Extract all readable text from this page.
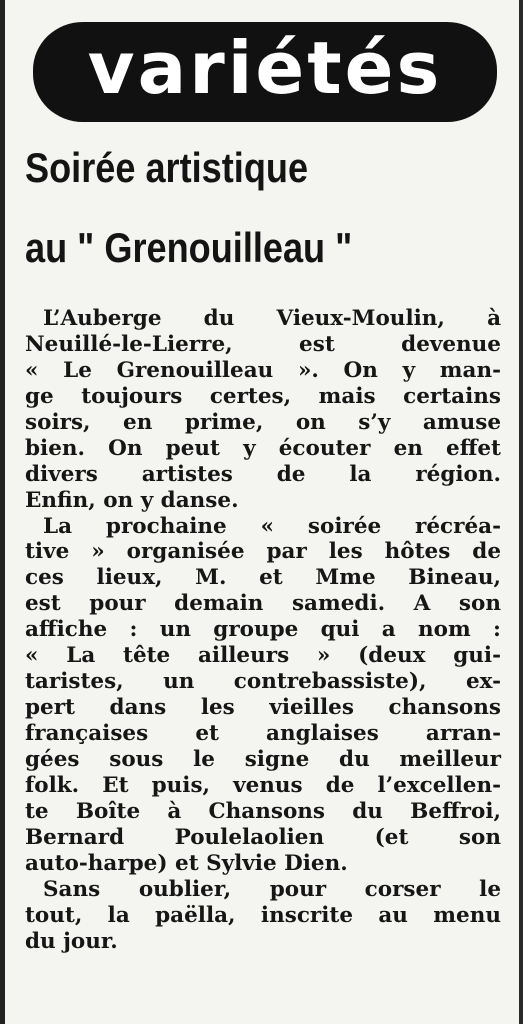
variétés
Soirée artistique
au " Grenouilleau "
L’Auberge du Vieux-Moulin, à
Neuillé-le-Lierre, est devenue
« Le Grenouilleau ». On y man-
ge toujours certes, mais certains
soirs, en prime, on s’y amuse
bien. On peut y écouter en effet
divers artistes de la région.
Enfin, on y danse.
La prochaine « soirée récréa-
tive » organisée par les hôtes de
ces lieux, M. et Mme Bineau,
est pour demain samedi. A son
affiche : un groupe qui a nom :
« La tête ailleurs » (deux gui-
taristes, un contrebassiste), ex-
pert dans les vieilles chansons
françaises et anglaises arran-
gées sous le signe du meilleur
folk. Et puis, venus de l’excellen-
te Boîte à Chansons du Beffroi,
Bernard Poulelaolien (et son
auto-harpe) et Sylvie Dien.
Sans oublier, pour corser le
tout, la paëlla, inscrite au menu
du jour.
